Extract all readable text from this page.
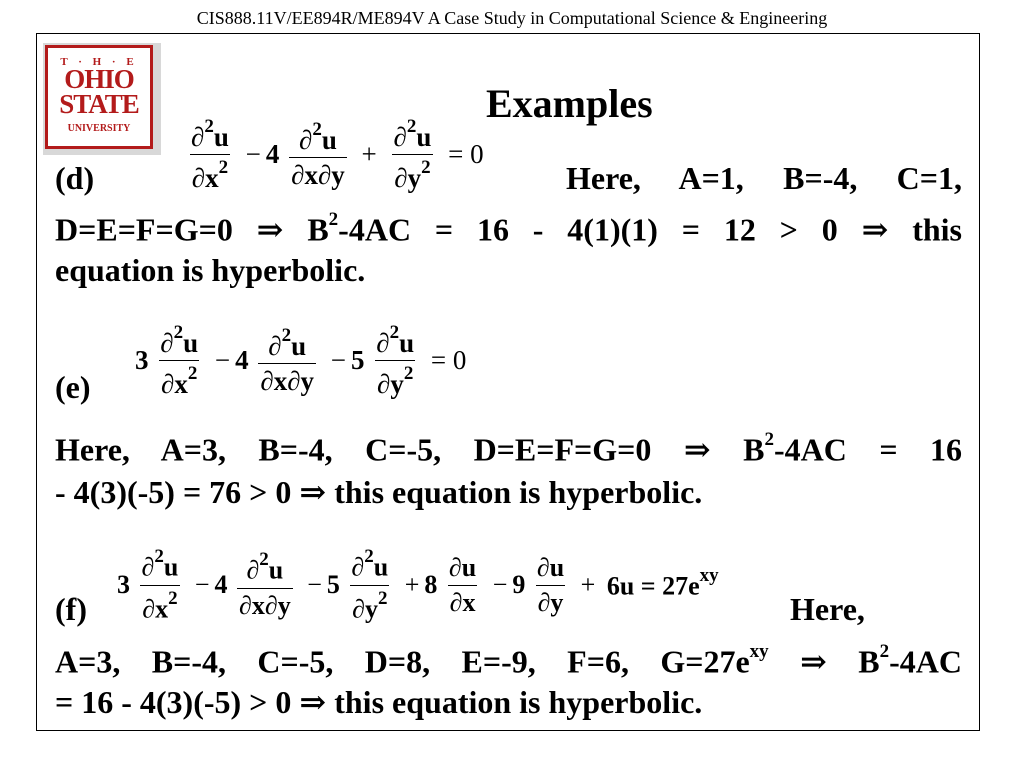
CIS888.11V/EE894R/ME894V A Case Study in Computational Science & Engineering
T · H · E
OHIO
STATE
UNIVERSITY
Examples
$\frac{\partial^2u}{\partial x^2} - 4 \frac{\partial^2u}{\partial x\partial y} + \frac{\partial^2u}{\partial y^2} = 0$
(d)	Here, A=1, B=-4, C=1,
D=E=F=G=0 ⇒ $B^2-4AC = 16 - 4(1)(1) = 12 > 0$ ⇒ this
equation is hyperbolic.
$3 \frac{\partial^2u}{\partial x^2} - 4 \frac{\partial^2u}{\partial x\partial y} - 5 \frac{\partial^2u}{\partial y^2} = 0$
(e)
Here, A=3, B=-4, C=-5, D=E=F=G=0 ⇒ $B^2-4AC = 16$
- 4(3)(-5) = 76 > 0 ⇒ this equation is hyperbolic.
$3 \frac{\partial^2u}{\partial x^2} - 4 \frac{\partial^2u}{\partial x\partial y} - 5 \frac{\partial^2u}{\partial y^2} + 8 \frac{\partial u}{\partial x} - 9 \frac{\partial u}{\partial y} + 6u = 27e^{xy}$
(f)	Here,
A=3, B=-4, C=-5, D=8, E=-9, F=6, $G=27e^{xy}$ ⇒ $B^2-4AC$
= 16 - 4(3)(-5) > 0 ⇒ this equation is hyperbolic.
